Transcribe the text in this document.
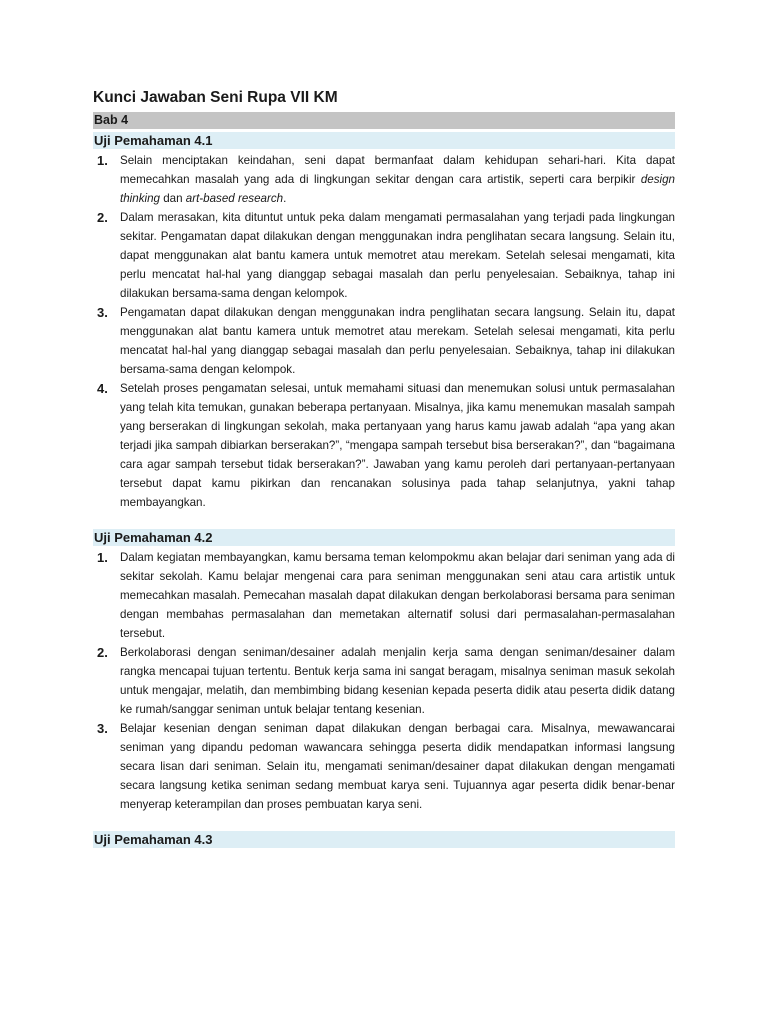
Kunci Jawaban Seni Rupa VII KM
Bab 4
Uji Pemahaman 4.1
1. Selain menciptakan keindahan, seni dapat bermanfaat dalam kehidupan sehari-hari. Kita dapat memecahkan masalah yang ada di lingkungan sekitar dengan cara artistik, seperti cara berpikir design thinking dan art-based research.
2. Dalam merasakan, kita dituntut untuk peka dalam mengamati permasalahan yang terjadi pada lingkungan sekitar. Pengamatan dapat dilakukan dengan menggunakan indra penglihatan secara langsung. Selain itu, dapat menggunakan alat bantu kamera untuk memotret atau merekam. Setelah selesai mengamati, kita perlu mencatat hal-hal yang dianggap sebagai masalah dan perlu penyelesaian. Sebaiknya, tahap ini dilakukan bersama-sama dengan kelompok.
3. Pengamatan dapat dilakukan dengan menggunakan indra penglihatan secara langsung. Selain itu, dapat menggunakan alat bantu kamera untuk memotret atau merekam. Setelah selesai mengamati, kita perlu mencatat hal-hal yang dianggap sebagai masalah dan perlu penyelesaian. Sebaiknya, tahap ini dilakukan bersama-sama dengan kelompok.
4. Setelah proses pengamatan selesai, untuk memahami situasi dan menemukan solusi untuk permasalahan yang telah kita temukan, gunakan beberapa pertanyaan. Misalnya, jika kamu menemukan masalah sampah yang berserakan di lingkungan sekolah, maka pertanyaan yang harus kamu jawab adalah “apa yang akan terjadi jika sampah dibiarkan berserakan?”, “mengapa sampah tersebut bisa berserakan?”, dan “bagaimana cara agar sampah tersebut tidak berserakan?”. Jawaban yang kamu peroleh dari pertanyaan-pertanyaan tersebut dapat kamu pikirkan dan rencanakan solusinya pada tahap selanjutnya, yakni tahap membayangkan.
Uji Pemahaman 4.2
1. Dalam kegiatan membayangkan, kamu bersama teman kelompokmu akan belajar dari seniman yang ada di sekitar sekolah. Kamu belajar mengenai cara para seniman menggunakan seni atau cara artistik untuk memecahkan masalah. Pemecahan masalah dapat dilakukan dengan berkolaborasi bersama para seniman dengan membahas permasalahan dan memetakan alternatif solusi dari permasalahan-permasalahan tersebut.
2. Berkolaborasi dengan seniman/desainer adalah menjalin kerja sama dengan seniman/desainer dalam rangka mencapai tujuan tertentu. Bentuk kerja sama ini sangat beragam, misalnya seniman masuk sekolah untuk mengajar, melatih, dan membimbing bidang kesenian kepada peserta didik atau peserta didik datang ke rumah/sanggar seniman untuk belajar tentang kesenian.
3. Belajar kesenian dengan seniman dapat dilakukan dengan berbagai cara. Misalnya, mewawancarai seniman yang dipandu pedoman wawancara sehingga peserta didik mendapatkan informasi langsung secara lisan dari seniman. Selain itu, mengamati seniman/desainer dapat dilakukan dengan mengamati secara langsung ketika seniman sedang membuat karya seni. Tujuannya agar peserta didik benar-benar menyerap keterampilan dan proses pembuatan karya seni.
Uji Pemahaman 4.3
